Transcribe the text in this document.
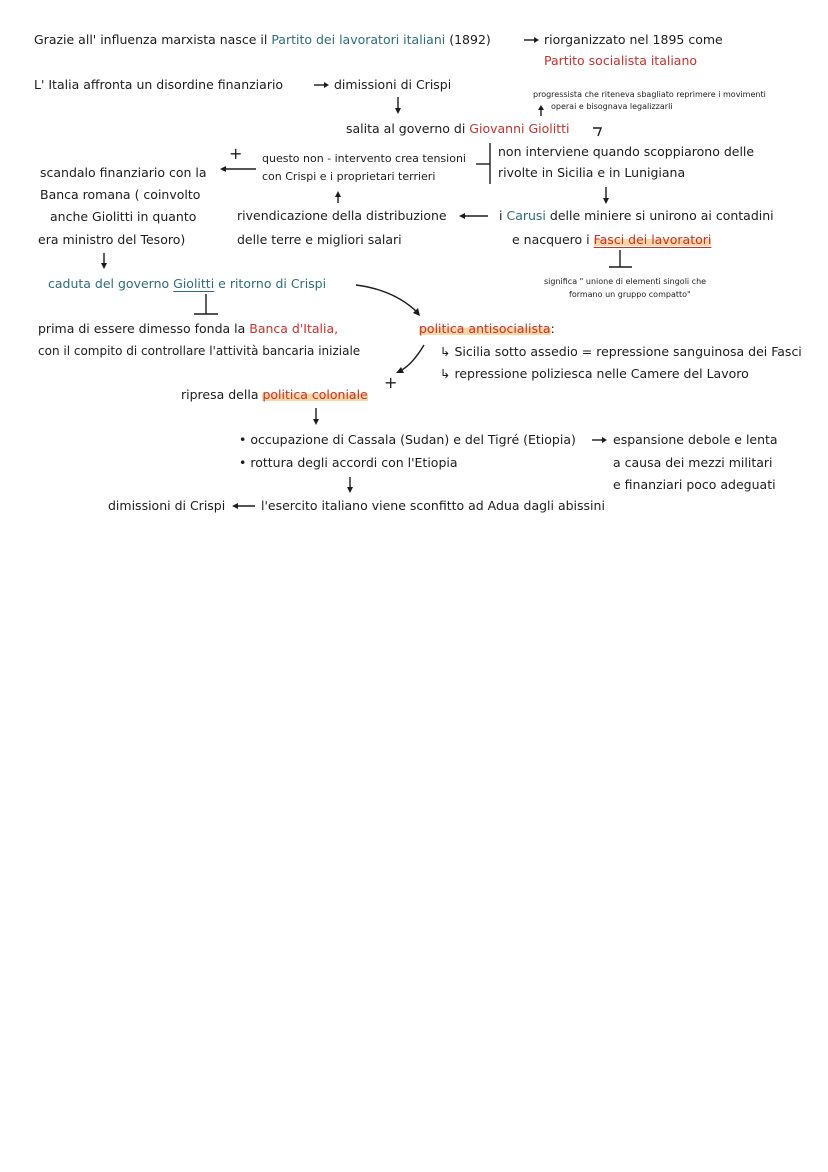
Grazie all' influenza marxista nasce il Partito dei lavoratori italiani (1892)	riorganizzato nel 1895 come
Partito socialista italiano
L' Italia affronta un disordine finanziario	dimissioni di Crispi
progressista che riteneva sbagliato reprimere i movimenti
operai e bisognava legalizzarli
salita al governo di Giovanni Giolitti
+ questo non - intervento crea tensioni
con Crispi e i proprietari terrieri
non interviene quando scoppiarono delle
rivolte in Sicilia e in Lunigiana
scandalo finanziario con la
Banca romana ( coinvolto
anche Giolitti in quanto
era ministro del Tesoro)
rivendicazione della distribuzione
delle terre e migliori salari
i Carusi delle miniere si unirono ai contadini
e nacquero i Fasci dei lavoratori
significa " unione di elementi singoli che
formano un gruppo compatto"
caduta del governo Giolitti e ritorno di Crispi
prima di essere dimesso fonda la Banca d'Italia,
con il compito di controllare l'attività bancaria iniziale
politica antisocialista:
↳ Sicilia sotto assedio = repressione sanguinosa dei Fasci
↳ repressione poliziesca nelle Camere del Lavoro
+
ripresa della politica coloniale
• occupazione di Cassala (Sudan) e del Tigré (Etiopia)
• rottura degli accordi con l'Etiopia
espansione debole e lenta
a causa dei mezzi militari
e finanziari poco adeguati
dimissioni di Crispi	l'esercito italiano viene sconfitto ad Adua dagli abissini
